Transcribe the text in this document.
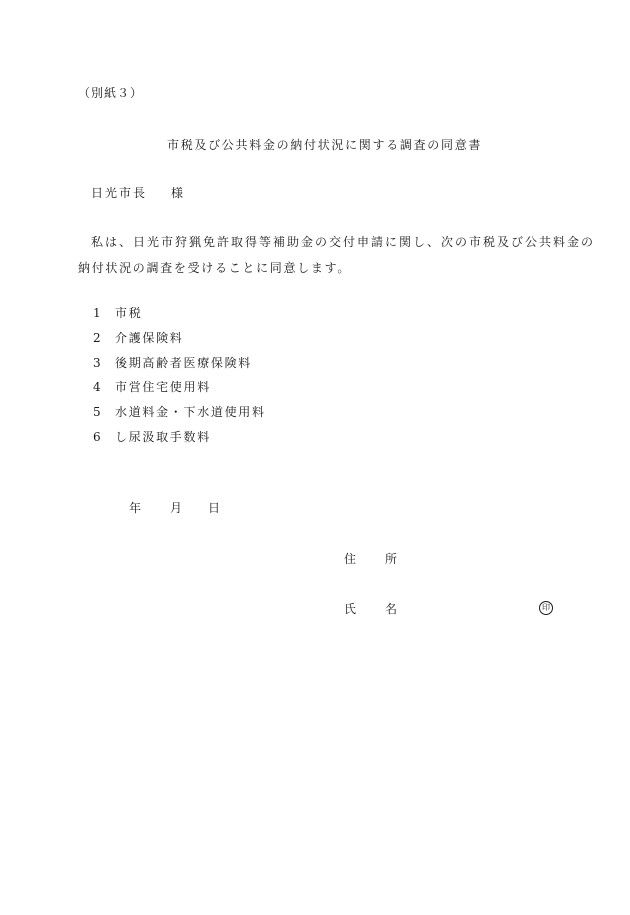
（別紙３）
市税及び公共料金の納付状況に関する調査の同意書
日光市長 様
私は、日光市狩猟免許取得等補助金の交付申請に関し、次の市税及び公共料金の
納付状況の調査を受けることに同意します。
1 市税
2 介護保険料
3 後期高齢者医療保険料
4 市営住宅使用料
5 水道料金・下水道使用料
6 し尿汲取手数料
年 月 日
住 所
氏 名	印
